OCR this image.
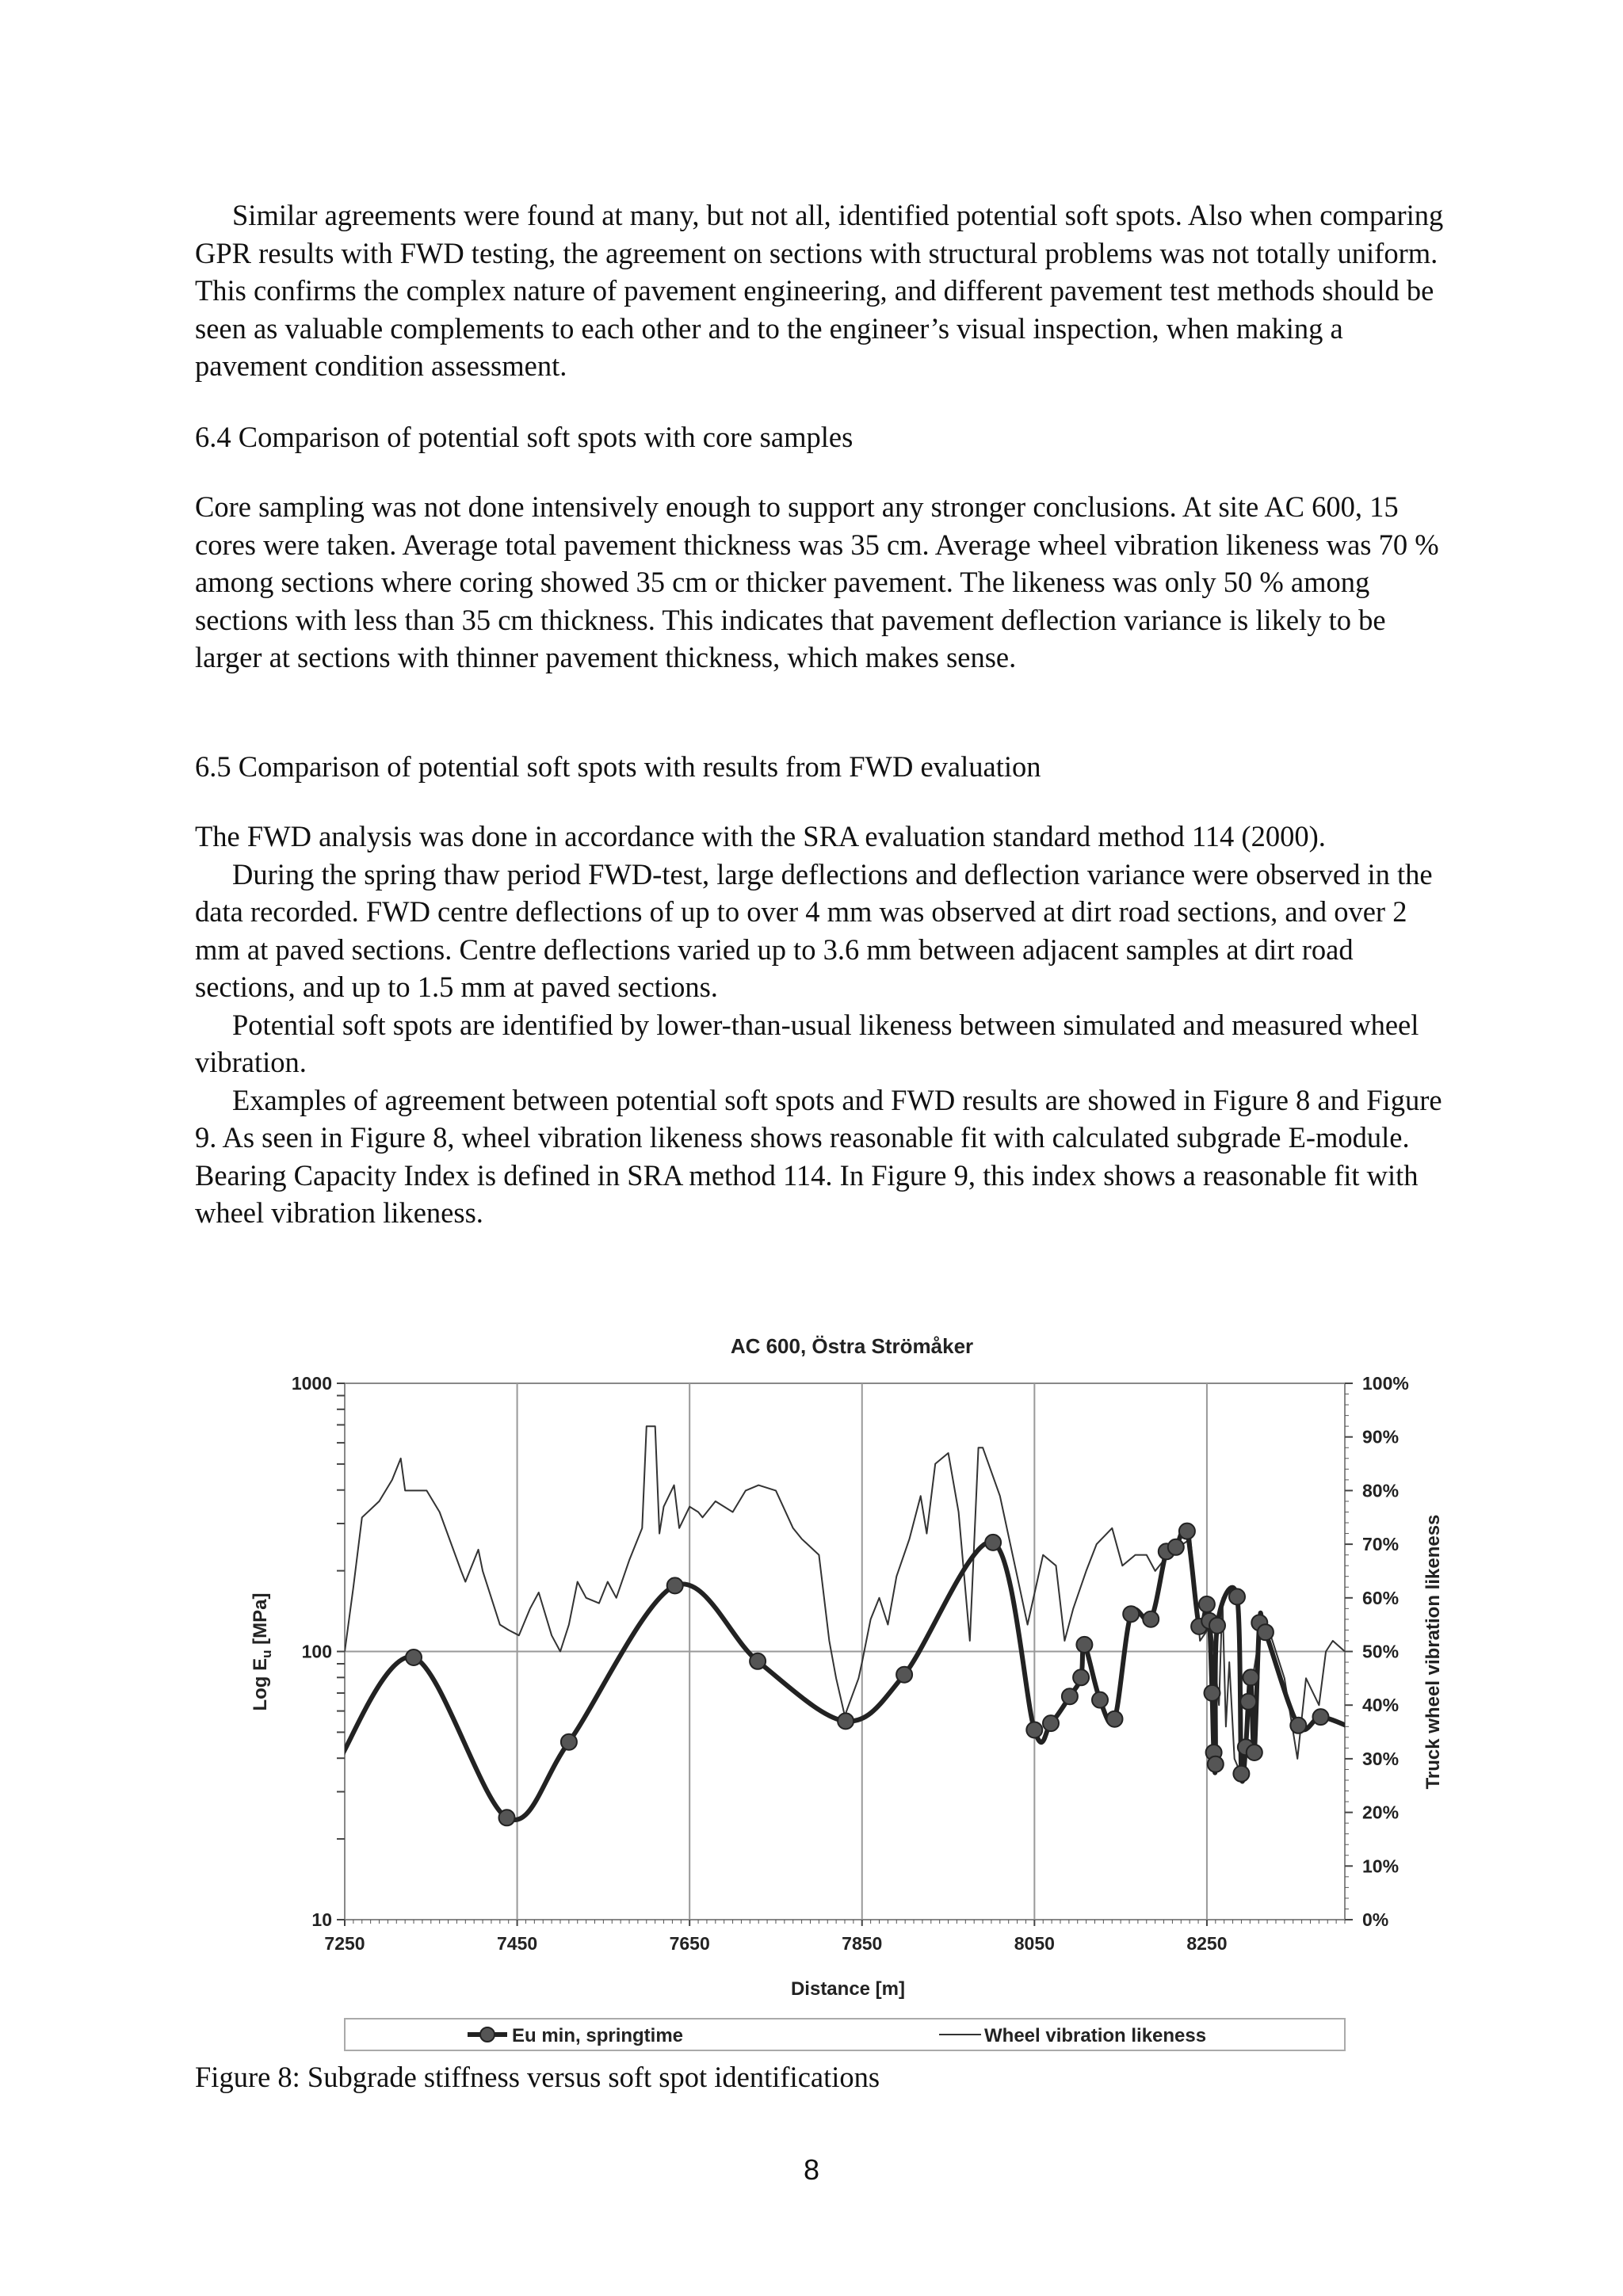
Similar agreements were found at many, but not all, identified potential soft spots. Also when comparing GPR results with FWD testing, the agreement on sections with structural problems was not totally uniform. This confirms the complex nature of pavement engineering, and different pavement test methods should be seen as valuable complements to each other and to the engineer’s visual inspection, when making a pavement condition assessment.

6.4 Comparison of potential soft spots with core samples

Core sampling was not done intensively enough to support any stronger conclusions. At site AC 600, 15 cores were taken. Average total pavement thickness was 35 cm. Average wheel vibration likeness was 70 % among sections where coring showed 35 cm or thicker pavement. The likeness was only 50 % among sections with less than 35 cm thickness. This indicates that pavement deflection variance is likely to be larger at sections with thinner pavement thickness, which makes sense.

6.5 Comparison of potential soft spots with results from FWD evaluation

The FWD analysis was done in accordance with the SRA evaluation standard method 114 (2000).

During the spring thaw period FWD-test, large deflections and deflection variance were observed in the data recorded. FWD centre deflections of up to over 4 mm was observed at dirt road sections, and over 2 mm at paved sections. Centre deflections varied up to 3.6 mm between adjacent samples at dirt road sections, and up to 1.5 mm at paved sections.

Potential soft spots are identified by lower-than-usual likeness between simulated and measured wheel vibration.

Examples of agreement between potential soft spots and FWD results are showed in Figure 8 and Figure 9. As seen in Figure 8, wheel vibration likeness shows reasonable fit with calculated subgrade E-module. Bearing Capacity Index is defined in SRA method 114. In Figure 9, this index shows a reasonable fit with wheel vibration likeness.

AC 600, Östra Strömåker
7250	7450	7650	7850	8050	8250
1000
100
10
100%
90%
80%
70%
60%
50%
40%
30%
20%
10%
0%
Distance [m]
Log $E_u$ [MPa]	Truck wheel vibration likeness
Eu min, springtime	Wheel vibration likeness
Figure 8: Subgrade stiffness versus soft spot identifications
8
